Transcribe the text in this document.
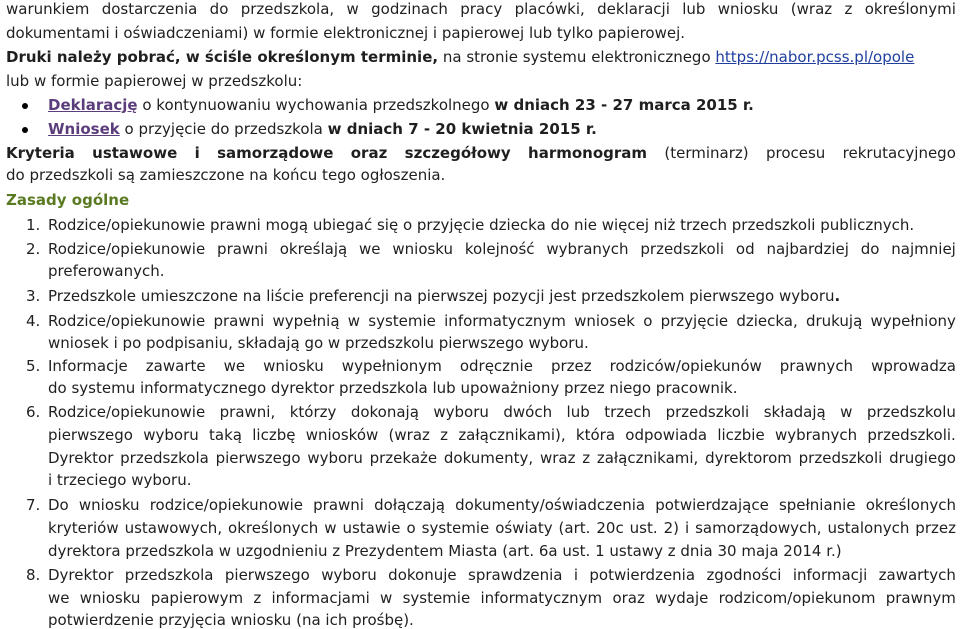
warunkiem dostarczenia do przedszkola, w godzinach pracy placówki, deklaracji lub wniosku (wraz z określonymi
dokumentami i oświadczeniami) w formie elektronicznej i papierowej lub tylko papierowej.
Druki należy pobrać, w ściśle określonym terminie, na stronie systemu elektronicznego https://nabor.pcss.pl/opole
lub w formie papierowej w przedszkolu:
Deklarację o kontynuowaniu wychowania przedszkolnego w dniach 23 - 27 marca 2015 r.
Wniosek o przyjęcie do przedszkola w dniach 7 - 20 kwietnia 2015 r.
Kryteria ustawowe i samorządowe oraz szczegółowy harmonogram (terminarz) procesu rekrutacyjnego
do przedszkoli są zamieszczone na końcu tego ogłoszenia.
Zasady ogólne
1. Rodzice/opiekunowie prawni mogą ubiegać się o przyjęcie dziecka do nie więcej niż trzech przedszkoli publicznych.
2. Rodzice/opiekunowie prawni określają we wniosku kolejność wybranych przedszkoli od najbardziej do najmniej
preferowanych.
3. Przedszkole umieszczone na liście preferencji na pierwszej pozycji jest przedszkolem pierwszego wyboru.
4. Rodzice/opiekunowie prawni wypełnią w systemie informatycznym wniosek o przyjęcie dziecka, drukują wypełniony
wniosek i po podpisaniu, składają go w przedszkolu pierwszego wyboru.
5. Informacje zawarte we wniosku wypełnionym odręcznie przez rodziców/opiekunów prawnych wprowadza
do systemu informatycznego dyrektor przedszkola lub upoważniony przez niego pracownik.
6. Rodzice/opiekunowie prawni, którzy dokonają wyboru dwóch lub trzech przedszkoli składają w przedszkolu
pierwszego wyboru taką liczbę wniosków (wraz z załącznikami), która odpowiada liczbie wybranych przedszkoli.
Dyrektor przedszkola pierwszego wyboru przekaże dokumenty, wraz z załącznikami, dyrektorom przedszkoli drugiego
i trzeciego wyboru.
7. Do wniosku rodzice/opiekunowie prawni dołączają dokumenty/oświadczenia potwierdzające spełnianie określonych
kryteriów ustawowych, określonych w ustawie o systemie oświaty (art. 20c ust. 2) i samorządowych, ustalonych przez
dyrektora przedszkola w uzgodnieniu z Prezydentem Miasta (art. 6a ust. 1 ustawy z dnia 30 maja 2014 r.)
8. Dyrektor przedszkola pierwszego wyboru dokonuje sprawdzenia i potwierdzenia zgodności informacji zawartych
we wniosku papierowym z informacjami w systemie informatycznym oraz wydaje rodzicom/opiekunom prawnym
potwierdzenie przyjęcia wniosku (na ich prośbę).
